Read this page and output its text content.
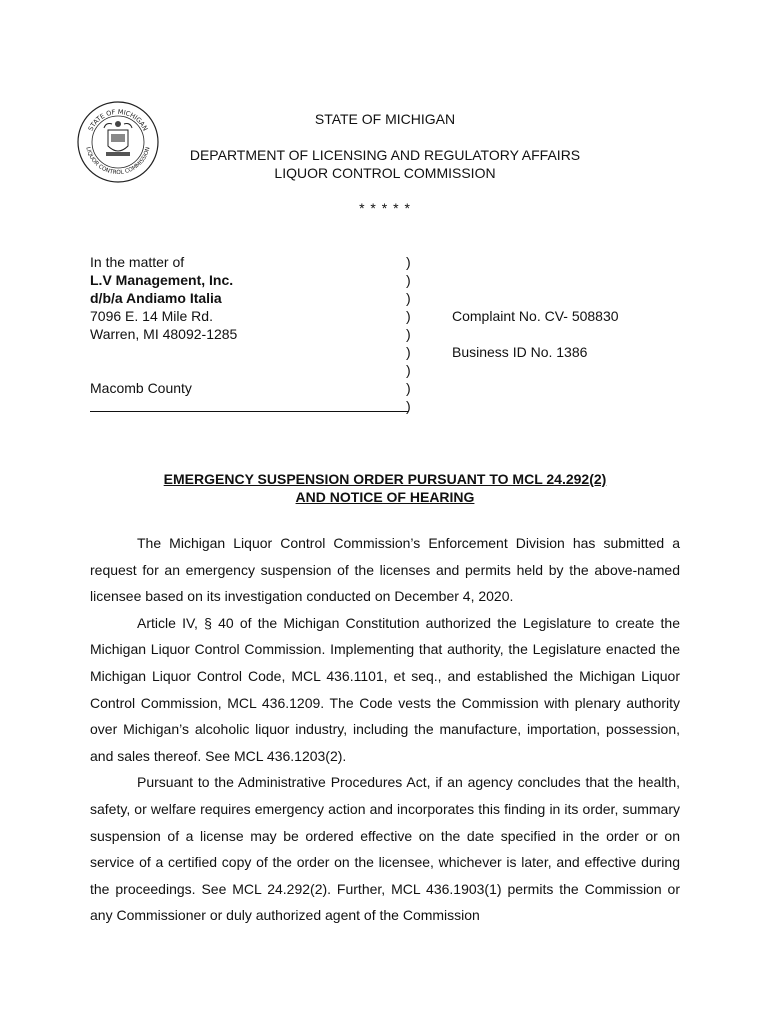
STATE OF MICHIGAN
LIQUOR CONTROL COMMISSION
STATE OF MICHIGAN
DEPARTMENT OF LICENSING AND REGULATORY AFFAIRS
LIQUOR CONTROL COMMISSION
* * * * *
In the matter of
L.V Management, Inc.
d/b/a Andiamo Italia
7096 E. 14 Mile Rd.
Warren, MI 48092-1285
Macomb County
)
)
)
)
)
)
)
)
)
Complaint No. CV- 508830
Business ID No. 1386
EMERGENCY SUSPENSION ORDER PURSUANT TO MCL 24.292(2)
AND NOTICE OF HEARING

The Michigan Liquor Control Commission’s Enforcement Division has submitted a request for an emergency suspension of the licenses and permits held by the above-named licensee based on its investigation conducted on December 4, 2020.

Article IV, § 40 of the Michigan Constitution authorized the Legislature to create the Michigan Liquor Control Commission. Implementing that authority, the Legislature enacted the Michigan Liquor Control Code, MCL 436.1101, et seq., and established the Michigan Liquor Control Commission, MCL 436.1209. The Code vests the Commission with plenary authority over Michigan’s alcoholic liquor industry, including the manufacture, importation, possession, and sales thereof. See MCL 436.1203(2).

Pursuant to the Administrative Procedures Act, if an agency concludes that the health, safety, or welfare requires emergency action and incorporates this finding in its order, summary suspension of a license may be ordered effective on the date specified in the order or on service of a certified copy of the order on the licensee, whichever is later, and effective during the proceedings. See MCL 24.292(2). Further, MCL 436.1903(1) permits the Commission or any Commissioner or duly authorized agent of the Commission
